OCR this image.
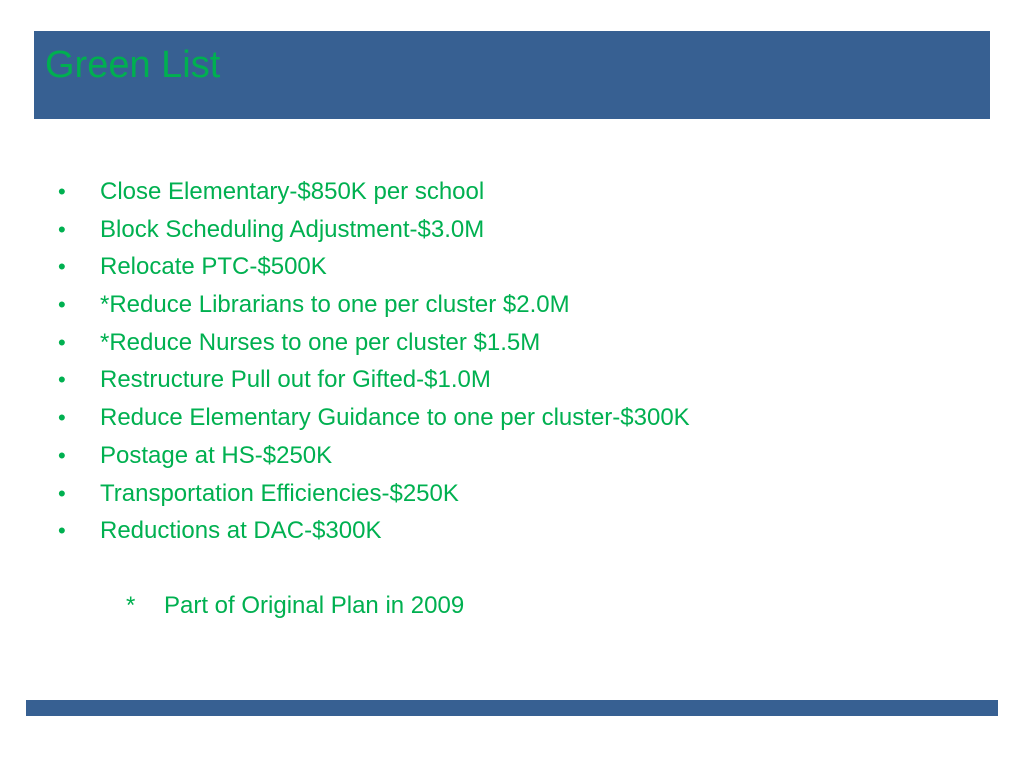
Green List
•	Close Elementary-$850K per school
•	Block Scheduling Adjustment-$3.0M
•	Relocate PTC-$500K
•	*Reduce Librarians to one per cluster $2.0M
•	*Reduce Nurses to one per cluster $1.5M
•	Restructure Pull out for Gifted-$1.0M
•	Reduce Elementary Guidance to one per cluster-$300K
•	Postage at HS-$250K
•	Transportation Efficiencies-$250K
•	Reductions at DAC-$300K
*	Part of Original Plan in 2009
